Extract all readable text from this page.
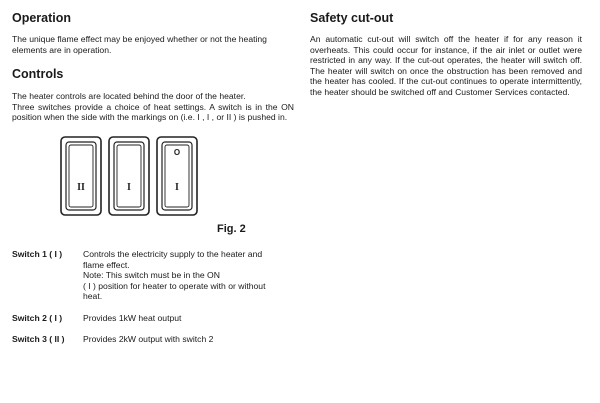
Operation

The unique flame effect may be enjoyed whether or not the heating elements are in operation.

Controls

The heater controls are located behind the door of the heater.

Three switches provide a choice of heat settings. A switch is in the ON position when the side with the markings on (i.e. I , I , or II ) is pushed in.

II	I
O
I
Fig. 2
Switch 1 ( I ) Controls the electricity supply to the heater and
flame effect.
Note: This switch must be in the ON
( I ) position for heater to operate with or without
heat.
Switch 2 ( I ) Provides 1kW heat output
Switch 3 ( II ) Provides 2kW output with switch 2
Safety cut-out

An automatic cut-out will switch off the heater if for any reason it overheats. This could occur for instance, if the air inlet or outlet were restricted in any way. If the cut-out operates, the heater will switch off. The heater will switch on once the obstruction has been removed and the heater has cooled. If the cut-out continues to operate intermittently, the heater should be switched off and Customer Services contacted.
